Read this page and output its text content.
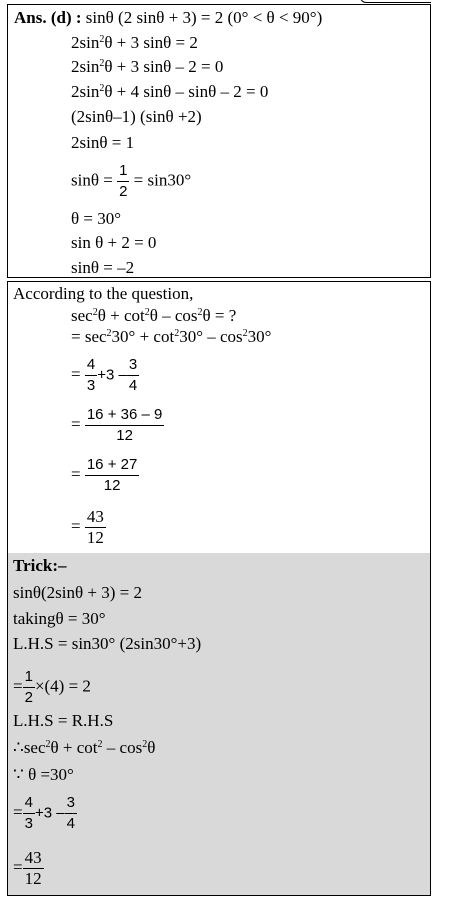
Ans. (d) : sinθ (2 sinθ + 3) = 2 (0° < θ < 90°)
$2\sin^2\theta + 3$ sinθ = 2
$2\sin^2\theta + 3$ sinθ – 2 = 0
$2\sin^2\theta + 4$ sinθ – sinθ – 2 = 0
(2sinθ–1) (sinθ +2)
2sinθ = 1
$\sin\theta = \frac{1}{2} = \sin 30^\circ$
θ = 30°
sin θ + 2 = 0
sinθ = –2
According to the question,
$\sec^2\theta + \cot^2\theta - \cos^2\theta$ = ?
= $\sec^230^\circ + \cot^230^\circ - \cos^230^\circ$
= $\frac{4}{3} +3 - \frac{3}{4}$
= $\frac{16 + 36 - 9}{12}$
= $\frac{16 + 27}{12}$
= $\frac{43}{12}$
Trick:–
sinθ(2sinθ + 3) = 2
takingθ = 30°
L.H.S = sin30° (2sin30°+3)
= $\frac{1}{2} \times(4) = 2$
L.H.S = R.H.S
$\therefore\sec^2\theta + \cot^2 - \cos^2\theta$
∵ θ =30°
= $\frac{4}{3} +3 - \frac{3}{4}$
= $\frac{43}{12}$
